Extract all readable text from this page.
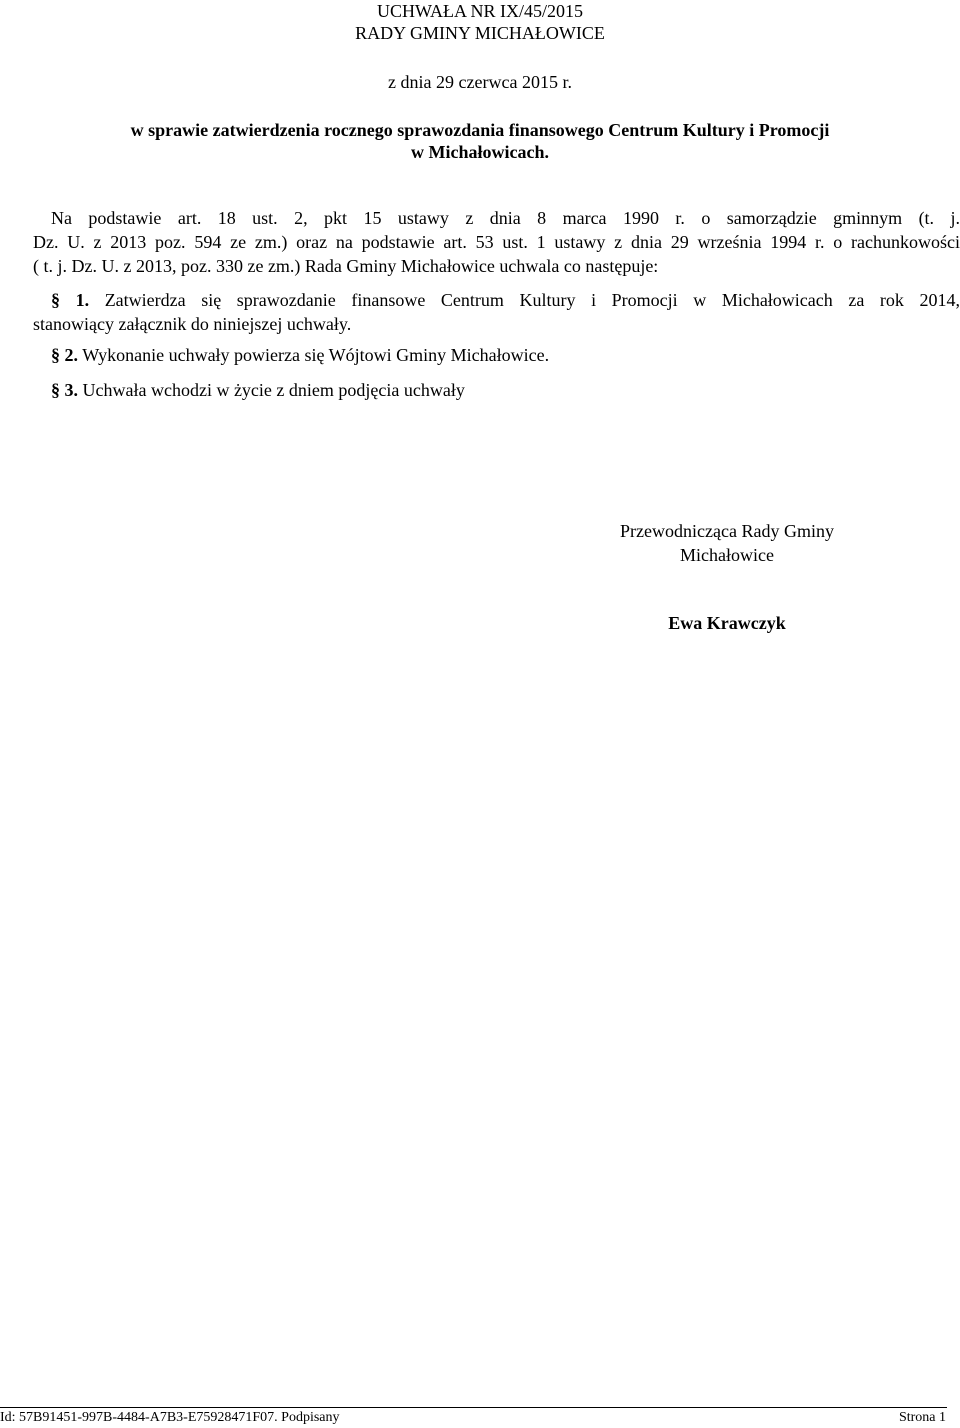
UCHWAŁA NR IX/45/2015
RADY GMINY MICHAŁOWICE
z dnia 29 czerwca 2015 r.
w sprawie zatwierdzenia rocznego sprawozdania finansowego Centrum Kultury i Promocji
w Michałowicach.
Na podstawie art. 18 ust. 2, pkt 15 ustawy z dnia 8 marca 1990 r. o samorządzie gminnym (t. j.
Dz. U. z 2013 poz. 594 ze zm.) oraz na podstawie art. 53 ust. 1 ustawy z dnia 29 września 1994 r. o rachunkowości
( t. j. Dz. U. z 2013, poz. 330 ze zm.) Rada Gminy Michałowice uchwala co następuje:
§ 1. Zatwierdza się sprawozdanie finansowe Centrum Kultury i Promocji w Michałowicach za rok 2014,
stanowiący załącznik do niniejszej uchwały.
§ 2. Wykonanie uchwały powierza się Wójtowi Gminy Michałowice.
§ 3. Uchwała wchodzi w życie z dniem podjęcia uchwały
Przewodnicząca Rady Gminy
Michałowice
Ewa Krawczyk
Id: 57B91451-997B-4484-A7B3-E75928471F07. Podpisany	Strona 1
